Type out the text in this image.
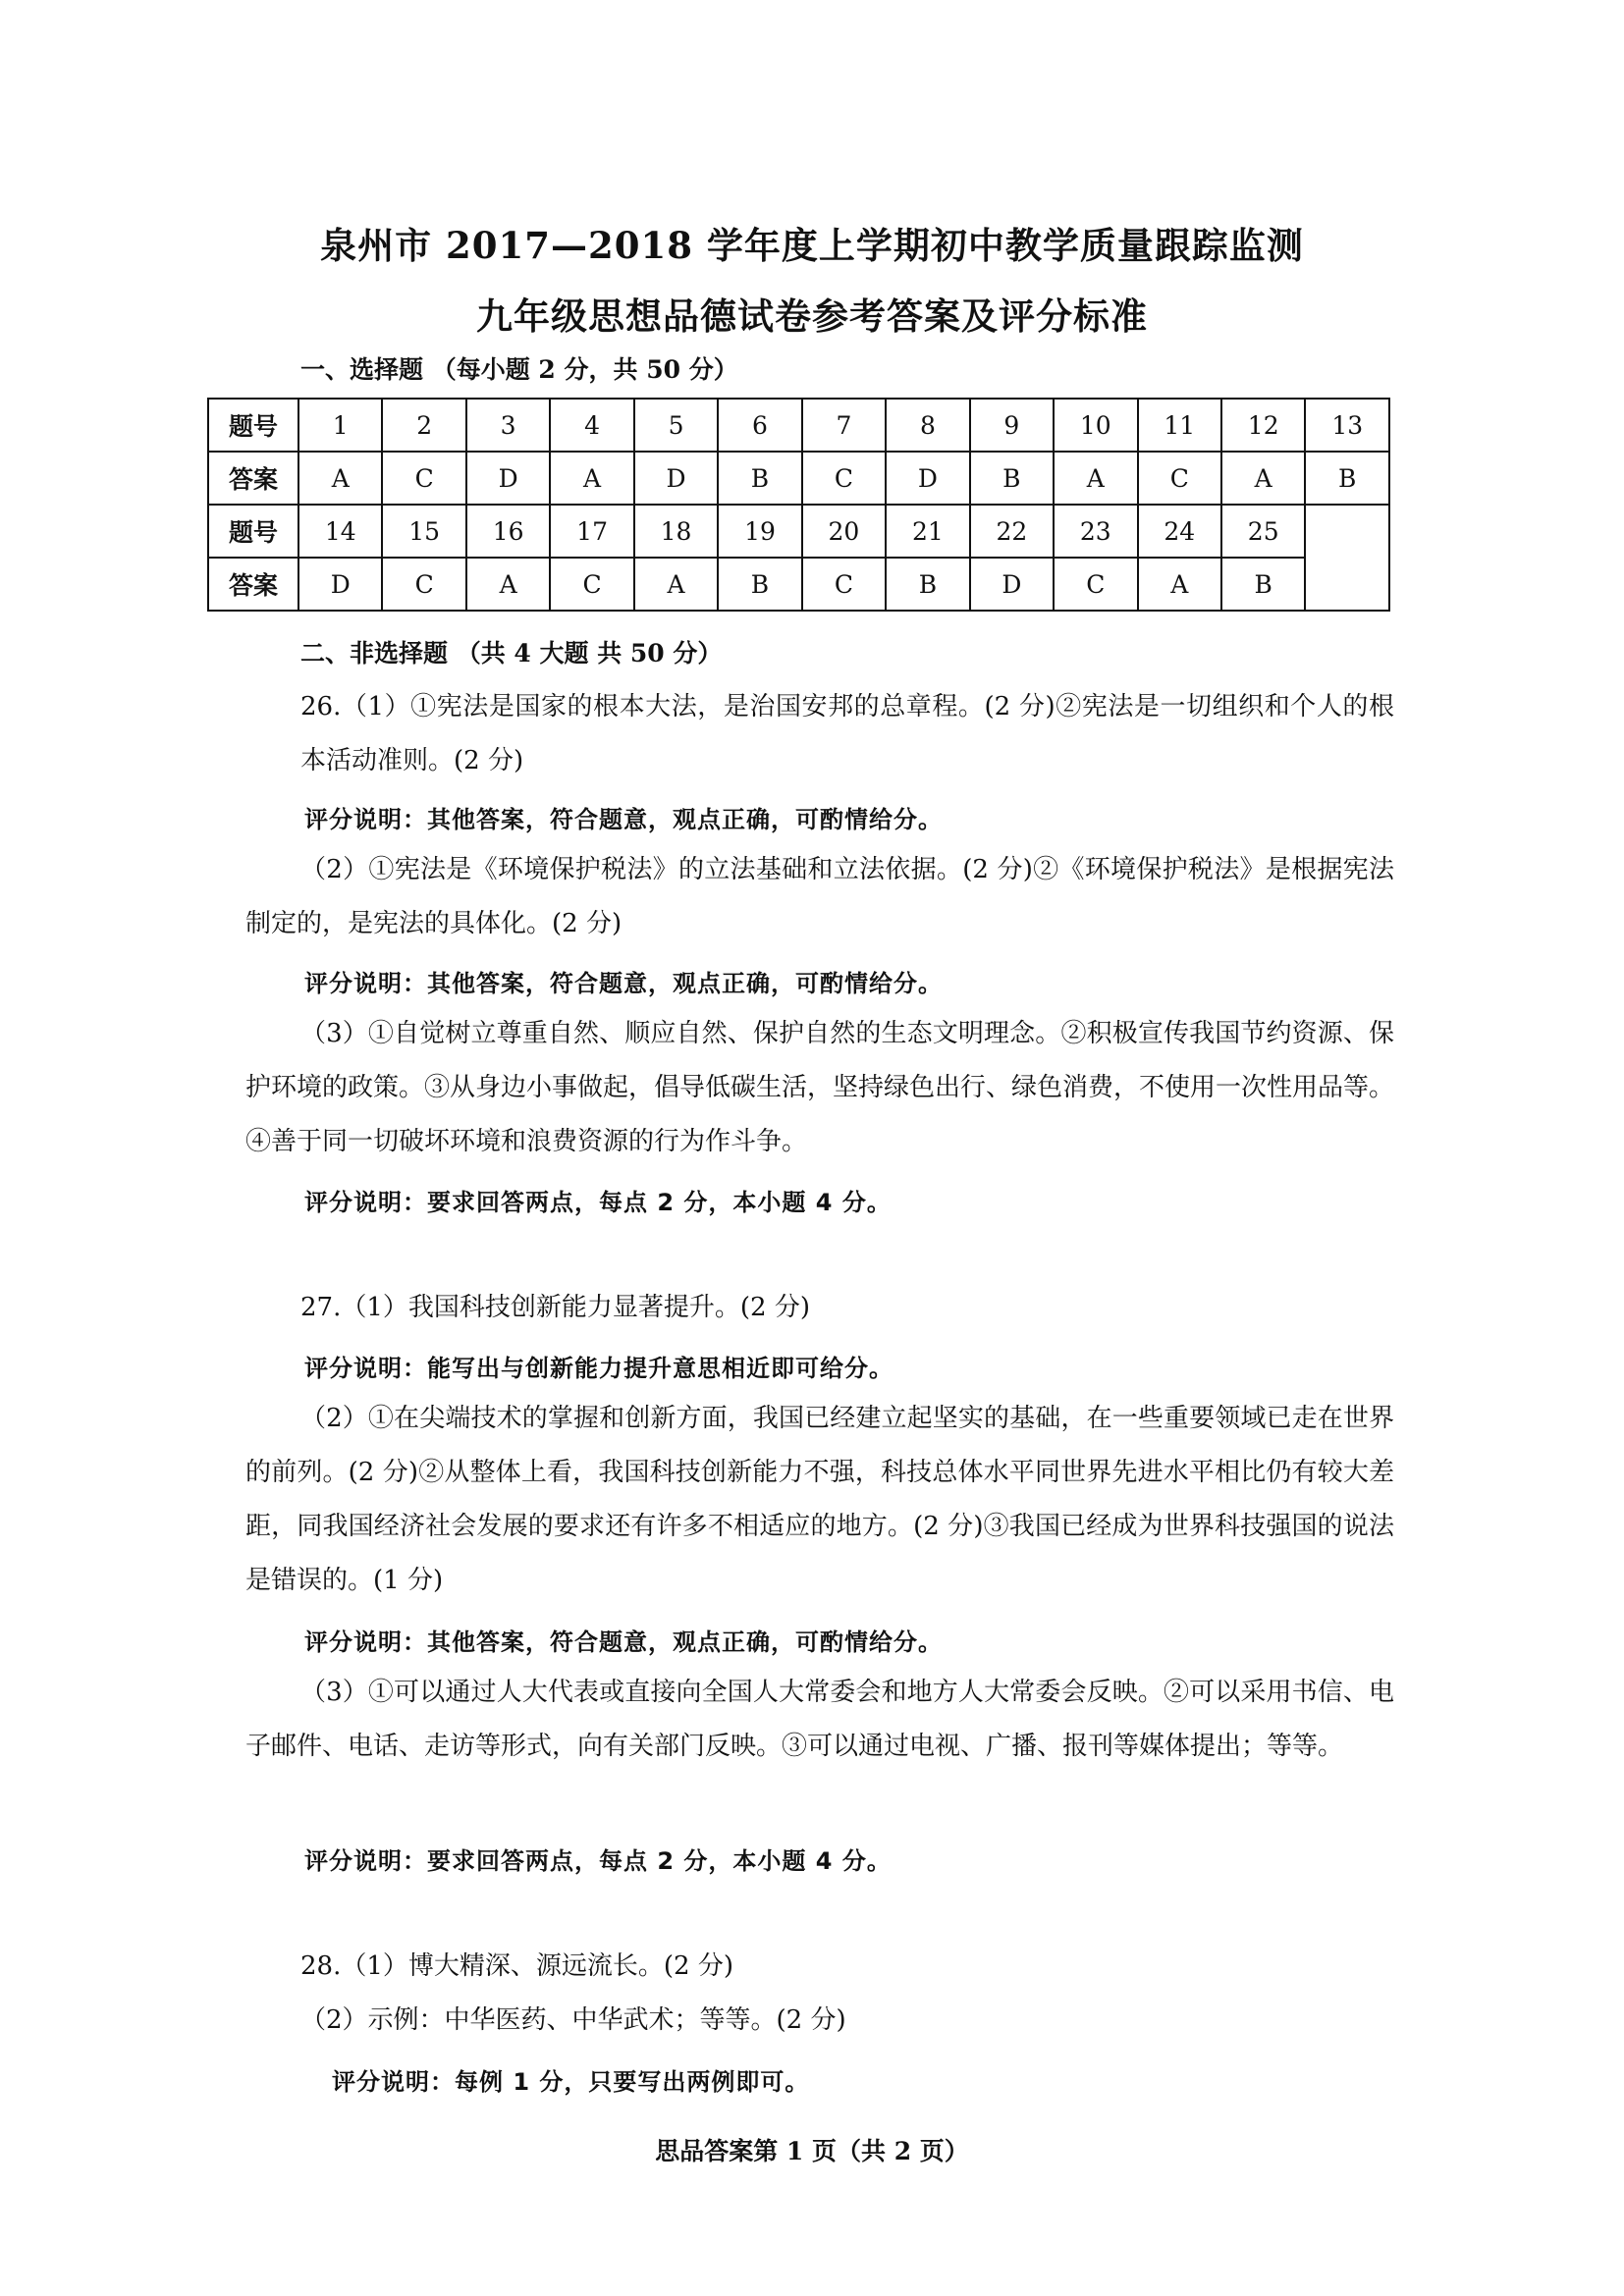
泉州市 2017—2018 学年度上学期初中教学质量跟踪监测
九年级思想品德试卷参考答案及评分标准
一、选择题 （每小题 2 分，共 50 分）
题号	1	2	3	4	5	6	7	8	9	10	11	12	13
答案	A	C	D	A	D	B	C	D	B	A	C	A	B
题号	14	15	16	17	18	19	20	21	22	23	24	25	
答案	D	C	A	C	A	B	C	B	D	C	A	B	
二、非选择题 （共 4 大题 共 50 分）

26.（1）①宪法是国家的根本大法，是治国安邦的总章程。(2 分)②宪法是一切组织和个人的根本活动准则。(2 分)

评分说明：其他答案，符合题意，观点正确，可酌情给分。

（2）①宪法是《环境保护税法》的立法基础和立法依据。(2 分)②《环境保护税法》是根据宪法制定的，是宪法的具体化。(2 分)

评分说明：其他答案，符合题意，观点正确，可酌情给分。

（3）①自觉树立尊重自然、顺应自然、保护自然的生态文明理念。②积极宣传我国节约资源、保护环境的政策。③从身边小事做起，倡导低碳生活，坚持绿色出行、绿色消费，不使用一次性用品等。④善于同一切破坏环境和浪费资源的行为作斗争。

评分说明：要求回答两点，每点 2 分，本小题 4 分。

27.（1）我国科技创新能力显著提升。(2 分)

评分说明：能写出与创新能力提升意思相近即可给分。

（2）①在尖端技术的掌握和创新方面，我国已经建立起坚实的基础，在一些重要领域已走在世界的前列。(2 分)②从整体上看，我国科技创新能力不强，科技总体水平同世界先进水平相比仍有较大差距，同我国经济社会发展的要求还有许多不相适应的地方。(2 分)③我国已经成为世界科技强国的说法是错误的。(1 分)

评分说明：其他答案，符合题意，观点正确，可酌情给分。

（3）①可以通过人大代表或直接向全国人大常委会和地方人大常委会反映。②可以采用书信、电子邮件、电话、走访等形式，向有关部门反映。③可以通过电视、广播、报刊等媒体提出；等等。

评分说明：要求回答两点，每点 2 分，本小题 4 分。

28.（1）博大精深、源远流长。(2 分)

（2）示例：中华医药、中华武术；等等。(2 分)

评分说明：每例 1 分，只要写出两例即可。
思品答案第 1 页（共 2 页）
